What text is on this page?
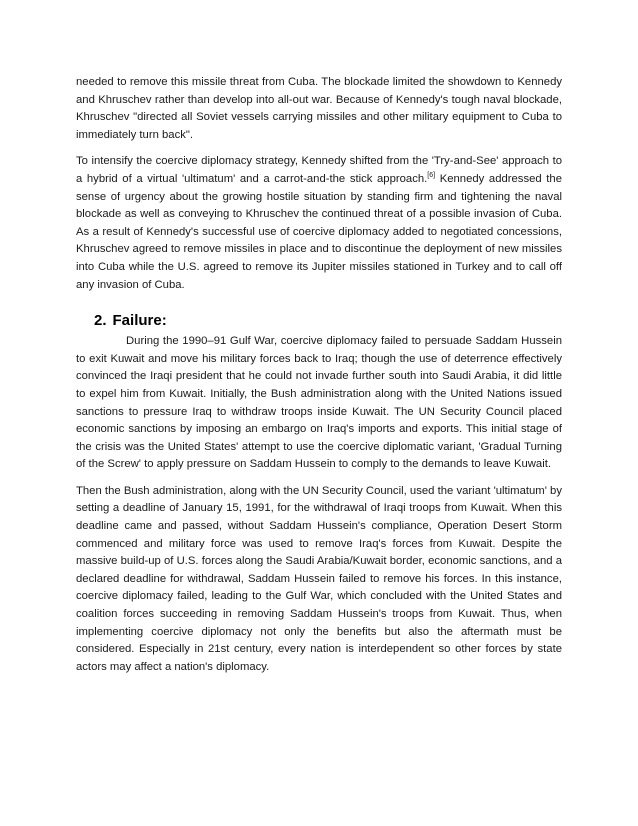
needed to remove this missile threat from Cuba. The blockade limited the showdown to Kennedy and Khruschev rather than develop into all-out war. Because of Kennedy's tough naval blockade, Khruschev "directed all Soviet vessels carrying missiles and other military equipment to Cuba to immediately turn back".

To intensify the coercive diplomacy strategy, Kennedy shifted from the 'Try-and-See' approach to a hybrid of a virtual 'ultimatum' and a carrot-and-the stick approach.[6] Kennedy addressed the sense of urgency about the growing hostile situation by standing firm and tightening the naval blockade as well as conveying to Khruschev the continued threat of a possible invasion of Cuba. As a result of Kennedy's successful use of coercive diplomacy added to negotiated concessions, Khruschev agreed to remove missiles in place and to discontinue the deployment of new missiles into Cuba while the U.S. agreed to remove its Jupiter missiles stationed in Turkey and to call off any invasion of Cuba.

2. Failure:

During the 1990–91 Gulf War, coercive diplomacy failed to persuade Saddam Hussein to exit Kuwait and move his military forces back to Iraq; though the use of deterrence effectively convinced the Iraqi president that he could not invade further south into Saudi Arabia, it did little to expel him from Kuwait. Initially, the Bush administration along with the United Nations issued sanctions to pressure Iraq to withdraw troops inside Kuwait. The UN Security Council placed economic sanctions by imposing an embargo on Iraq's imports and exports. This initial stage of the crisis was the United States' attempt to use the coercive diplomatic variant, 'Gradual Turning of the Screw' to apply pressure on Saddam Hussein to comply to the demands to leave Kuwait.

Then the Bush administration, along with the UN Security Council, used the variant 'ultimatum' by setting a deadline of January 15, 1991, for the withdrawal of Iraqi troops from Kuwait. When this deadline came and passed, without Saddam Hussein's compliance, Operation Desert Storm commenced and military force was used to remove Iraq's forces from Kuwait. Despite the massive build-up of U.S. forces along the Saudi Arabia/Kuwait border, economic sanctions, and a declared deadline for withdrawal, Saddam Hussein failed to remove his forces. In this instance, coercive diplomacy failed, leading to the Gulf War, which concluded with the United States and coalition forces succeeding in removing Saddam Hussein's troops from Kuwait. Thus, when implementing coercive diplomacy not only the benefits but also the aftermath must be considered. Especially in 21st century, every nation is interdependent so other forces by state actors may affect a nation's diplomacy.
